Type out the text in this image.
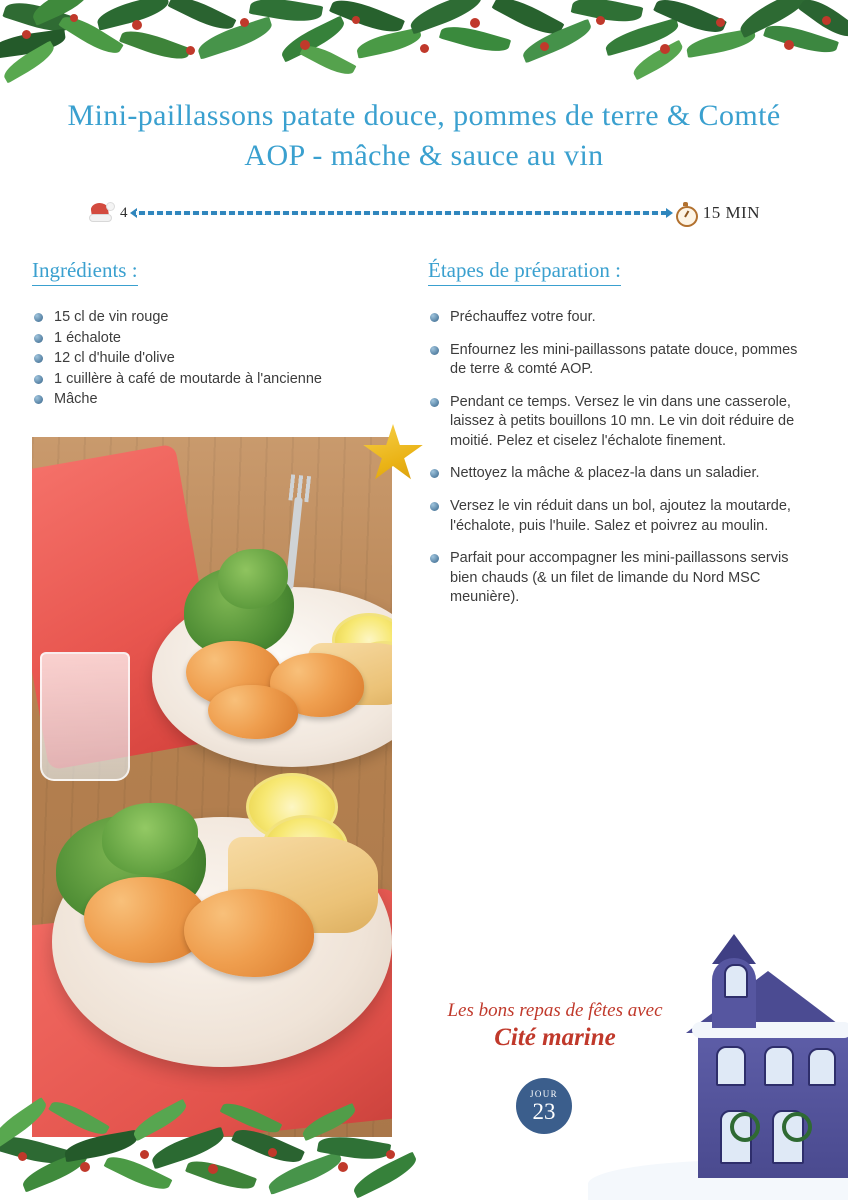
Mini-paillassons patate douce, pommes de terre & Comté AOP - mâche & sauce au vin
4	15 MIN
Ingrédients :
15 cl de vin rouge
1 échalote
12 cl d'huile d'olive
1 cuillère à café de moutarde à l'ancienne
Mâche
Étapes de préparation :
Préchauffez votre four.
Enfournez les mini-paillassons patate douce, pommes de terre & comté AOP.
Pendant ce temps. Versez le vin dans une casserole, laissez à petits bouillons 10 mn. Le vin doit réduire de moitié. Pelez et ciselez l'échalote finement.
Nettoyez la mâche & placez-la dans un saladier.
Versez le vin réduit dans un bol, ajoutez la moutarde, l'échalote, puis l'huile. Salez et poivrez au moulin.
Parfait pour accompagner les mini-paillassons servis bien chauds (& un filet de limande du Nord MSC meunière).
Les bons repas de fêtes avec
Cité marine
JOUR
23
